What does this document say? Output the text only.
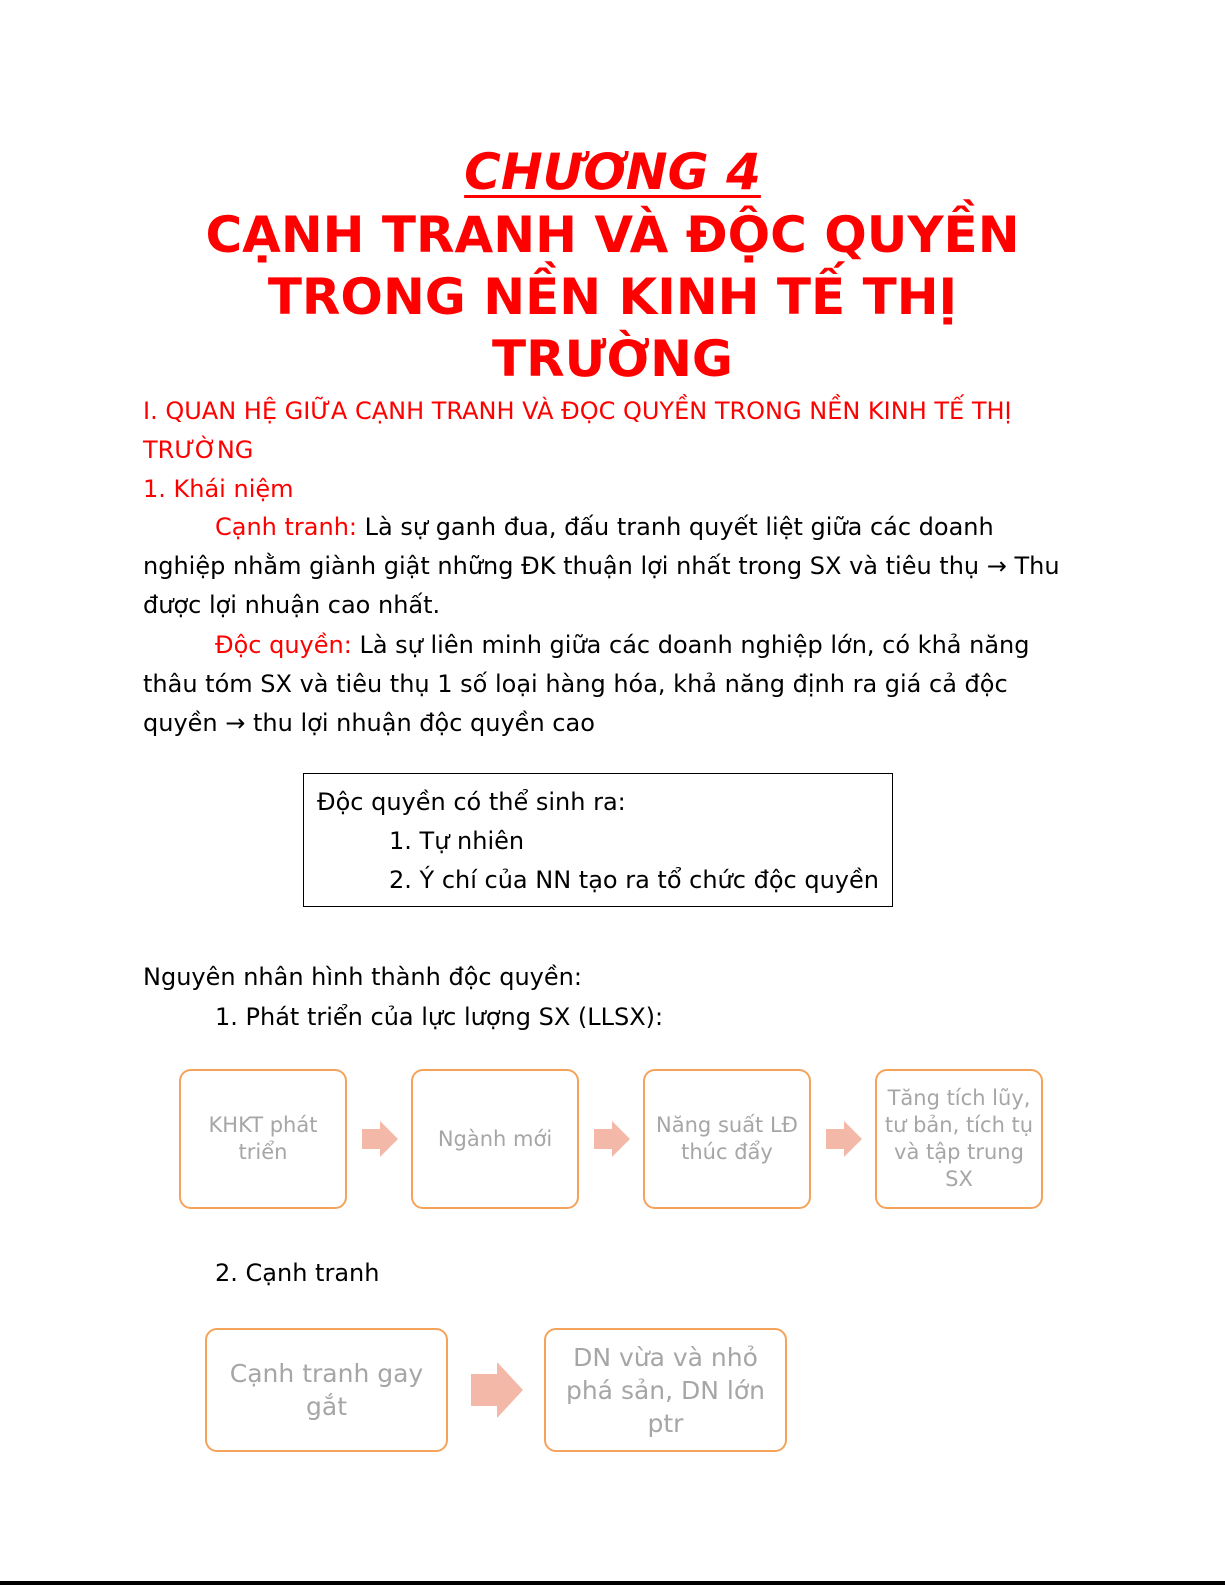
CHƯƠNG 4

CẠNH TRANH VÀ ĐỘC QUYỀN
TRONG NỀN KINH TẾ THỊ
TRƯỜNG

I. QUAN HỆ GIỮA CẠNH TRANH VÀ ĐỌC QUYỀN TRONG NỀN KINH TẾ THỊ TRƯỜNG

1. Khái niệm

Cạnh tranh: Là sự ganh đua, đấu tranh quyết liệt giữa các doanh nghiệp nhằm giành giật những ĐK thuận lợi nhất trong SX và tiêu thụ → Thu được lợi nhuận cao nhất.

Độc quyền: Là sự liên minh giữa các doanh nghiệp lớn, có khả năng thâu tóm SX và tiêu thụ 1 số loại hàng hóa, khả năng định ra giá cả độc quyền → thu lợi nhuận độc quyền cao

Độc quyền có thể sinh ra:
1. Tự nhiên
2. Ý chí của NN tạo ra tổ chức độc quyền

Nguyên nhân hình thành độc quyền:

1. Phát triển của lực lượng SX (LLSX):

KHKT phát triển
Ngành mới
Năng suất LĐ thúc đẩy
Tăng tích lũy, tư bản, tích tụ và tập trung SX

2. Cạnh tranh

Cạnh tranh gay gắt
DN vừa và nhỏ phá sản, DN lớn ptr
